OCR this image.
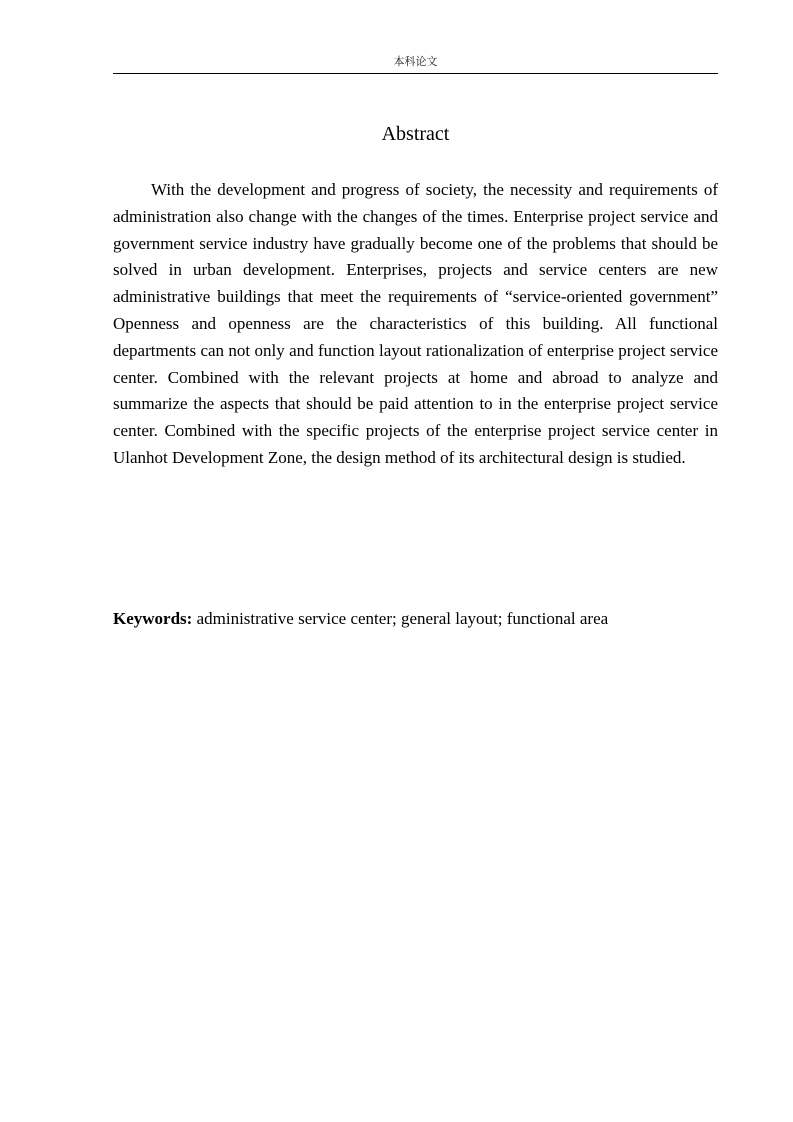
本科论文
Abstract

With the development and progress of society, the necessity and requirements of administration also change with the changes of the times. Enterprise project service and government service industry have gradually become one of the problems that should be solved in urban development. Enterprises, projects and service centers are new administrative buildings that meet the requirements of “service-oriented government” Openness and openness are the characteristics of this building. All functional departments can not only and function layout rationalization of enterprise project service center. Combined with the relevant projects at home and abroad to analyze and summarize the aspects that should be paid attention to in the enterprise project service center. Combined with the specific projects of the enterprise project service center in Ulanhot Development Zone, the design method of its architectural design is studied.

Keywords: administrative service center; general layout; functional area
